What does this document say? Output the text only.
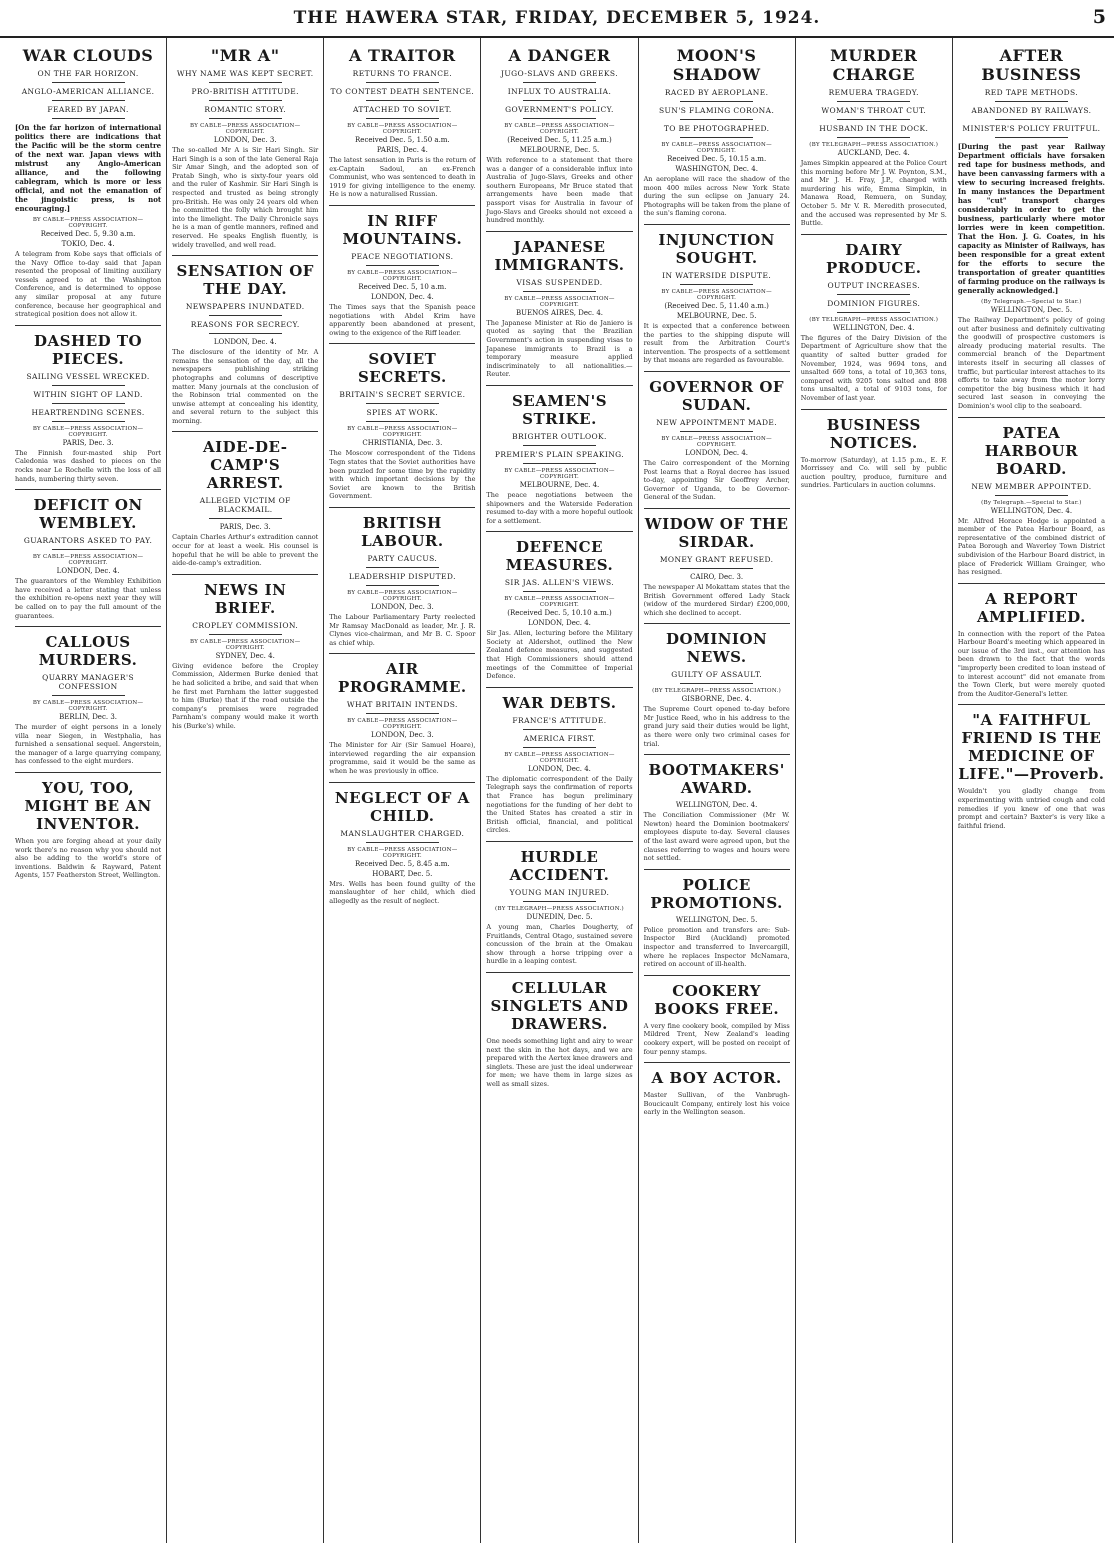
THE HAWERA STAR, FRIDAY, DECEMBER 5, 1924.	5
WAR CLOUDS
ON THE FAR HORIZON.
ANGLO-AMERICAN ALLIANCE.
FEARED BY JAPAN.
[On the far horizon of international politics there are indications that the Pacific will be the storm centre of the next war. Japan views with mistrust any Anglo-American alliance, and the following cablegram, which is more or less official, and not the emanation of the jingoistic press, is not encouraging.]
BY CABLE—PRESS ASSOCIATION—COPYRIGHT.
Received Dec. 5, 9.30 a.m.
TOKIO, Dec. 4.
A telegram from Kobe says that officials of the Navy Office to-day said that Japan resented the proposal of limiting auxiliary vessels agreed to at the Washington Conference, and is determined to oppose any similar proposal at any future conference, because her geographical and strategical position does not allow it.
DASHED TO PIECES.
SAILING VESSEL WRECKED.
WITHIN SIGHT OF LAND.
HEARTRENDING SCENES.
BY CABLE—PRESS ASSOCIATION—COPYRIGHT.
PARIS, Dec. 3.
The Finnish four-masted ship Port Caledonia was dashed to pieces on the rocks near Le Rochelle with the loss of all hands, numbering thirty seven.
DEFICIT ON WEMBLEY.
GUARANTORS ASKED TO PAY.
BY CABLE—PRESS ASSOCIATION—COPYRIGHT.
LONDON, Dec. 4.
The guarantors of the Wembley Exhibition have received a letter stating that unless the exhibition re-opens next year they will be called on to pay the full amount of the guarantees.
CALLOUS MURDERS.
QUARRY MANAGER'S CONFESSION
BY CABLE—PRESS ASSOCIATION—COPYRIGHT.
BERLIN, Dec. 3.
The murder of eight persons in a lonely villa near Siegen, in Westphalia, has furnished a sensational sequel. Angerstein, the manager of a large quarrying company, has confessed to the eight murders.
YOU, TOO, MIGHT BE AN INVENTOR.
When you are forging ahead at your daily work there's no reason why you should not also be adding to the world's store of inventions. Baldwin & Rayward, Patent Agents, 157 Featherston Street, Wellington.
"MR A"
WHY NAME WAS KEPT SECRET.
PRO-BRITISH ATTITUDE.
ROMANTIC STORY.
BY CABLE—PRESS ASSOCIATION—COPYRIGHT.
LONDON, Dec. 3.
The so-called Mr A is Sir Hari Singh. Sir Hari Singh is a son of the late General Raja Sir Amar Singh, and the adopted son of Pratab Singh, who is sixty-four years old and the ruler of Kashmir. Sir Hari Singh is respected and trusted as being strongly pro-British. He was only 24 years old when he committed the folly which brought him into the limelight. The Daily Chronicle says he is a man of gentle manners, refined and reserved. He speaks English fluently, is widely travelled, and well read.
SENSATION OF THE DAY.
NEWSPAPERS INUNDATED.
REASONS FOR SECRECY.
LONDON, Dec. 4.
The disclosure of the identity of Mr. A remains the sensation of the day, all the newspapers publishing striking photographs and columns of descriptive matter. Many journals at the conclusion of the Robinson trial commented on the unwise attempt at concealing his identity, and several return to the subject this morning.
AIDE-DE-CAMP'S ARREST.
ALLEGED VICTIM OF BLACKMAIL.
PARIS, Dec. 3.
Captain Charles Arthur's extradition cannot occur for at least a week. His counsel is hopeful that he will be able to prevent the aide-de-camp's extradition.
NEWS IN BRIEF.
CROPLEY COMMISSION.
BY CABLE—PRESS ASSOCIATION—COPYRIGHT.
SYDNEY, Dec. 4.
Giving evidence before the Cropley Commission, Aldermen Burke denied that he had solicited a bribe, and said that when he first met Parnham the latter suggested to him (Burke) that if the road outside the company's premises were regraded Parnham's company would make it worth his (Burke's) while.
A TRAITOR
RETURNS TO FRANCE.
TO CONTEST DEATH SENTENCE.
ATTACHED TO SOVIET.
BY CABLE—PRESS ASSOCIATION—COPYRIGHT.
Received Dec. 5, 1.50 a.m.
PARIS, Dec. 4.
The latest sensation in Paris is the return of ex-Captain Sadoul, an ex-French Communist, who was sentenced to death in 1919 for giving intelligence to the enemy. He is now a naturalised Russian.
IN RIFF MOUNTAINS.
PEACE NEGOTIATIONS.
BY CABLE—PRESS ASSOCIATION—COPYRIGHT.
Received Dec. 5, 10 a.m.
LONDON, Dec. 4.
The Times says that the Spanish peace negotiations with Abdel Krim have apparently been abandoned at present, owing to the exigence of the Riff leader.
SOVIET SECRETS.
BRITAIN'S SECRET SERVICE.
SPIES AT WORK.
BY CABLE—PRESS ASSOCIATION—COPYRIGHT.
CHRISTIANIA, Dec. 3.
The Moscow correspondent of the Tidens Tegn states that the Soviet authorities have been puzzled for some time by the rapidity with which important decisions by the Soviet are known to the British Government.
BRITISH LABOUR.
PARTY CAUCUS.
LEADERSHIP DISPUTED.
BY CABLE—PRESS ASSOCIATION—COPYRIGHT.
LONDON, Dec. 3.
The Labour Parliamentary Party reelected Mr Ramsay MacDonald as leader, Mr. J. R. Clynes vice-chairman, and Mr B. C. Spoor as chief whip.
AIR PROGRAMME.
WHAT BRITAIN INTENDS.
BY CABLE—PRESS ASSOCIATION—COPYRIGHT.
LONDON, Dec. 3.
The Minister for Air (Sir Samuel Hoare), interviewed regarding the air expansion programme, said it would be the same as when he was previously in office.
NEGLECT OF A CHILD.
MANSLAUGHTER CHARGED.
BY CABLE—PRESS ASSOCIATION—COPYRIGHT.
Received Dec. 5, 8.45 a.m.
HOBART, Dec. 5.
Mrs. Wells has been found guilty of the manslaughter of her child, which died allegedly as the result of neglect.
A DANGER
JUGO-SLAVS AND GREEKS.
INFLUX TO AUSTRALIA.
GOVERNMENT'S POLICY.
BY CABLE—PRESS ASSOCIATION—COPYRIGHT.
(Received Dec. 5, 11.25 a.m.)
MELBOURNE, Dec. 5.
With reference to a statement that there was a danger of a considerable influx into Australia of Jugo-Slavs, Greeks and other southern Europeans, Mr Bruce stated that arrangements have been made that passport visas for Australia in favour of Jugo-Slavs and Greeks should not exceed a hundred monthly.
JAPANESE IMMIGRANTS.
VISAS SUSPENDED.
BY CABLE—PRESS ASSOCIATION—COPYRIGHT.
BUENOS AIRES, Dec. 4.
The Japanese Minister at Rio de Janiero is quoted as saying that the Brazilian Government's action in suspending visas to Japanese immigrants to Brazil is a temporary measure applied indiscriminately to all nationalities.—Reuter.
SEAMEN'S STRIKE.
BRIGHTER OUTLOOK.
PREMIER'S PLAIN SPEAKING.
BY CABLE—PRESS ASSOCIATION—COPYRIGHT.
MELBOURNE, Dec. 4.
The peace negotiations between the shipowners and the Waterside Federation resumed to-day with a more hopeful outlook for a settlement.
DEFENCE MEASURES.
SIR JAS. ALLEN'S VIEWS.
BY CABLE—PRESS ASSOCIATION—COPYRIGHT.
(Received Dec. 5, 10.10 a.m.)
LONDON, Dec. 4.
Sir Jas. Allen, lecturing before the Military Society at Aldershot, outlined the New Zealand defence measures, and suggested that High Commissioners should attend meetings of the Committee of Imperial Defence.
WAR DEBTS.
FRANCE'S ATTITUDE.
AMERICA FIRST.
BY CABLE—PRESS ASSOCIATION—COPYRIGHT.
LONDON, Dec. 4.
The diplomatic correspondent of the Daily Telegraph says the confirmation of reports that France has begun preliminary negotiations for the funding of her debt to the United States has created a stir in British official, financial, and political circles.
HURDLE ACCIDENT.
YOUNG MAN INJURED.
(BY TELEGRAPH—PRESS ASSOCIATION.)
DUNEDIN, Dec. 5.
A young man, Charles Dougherty, of Fruitlands, Central Otago, sustained severe concussion of the brain at the Omakau show through a horse tripping over a hurdle in a leaping contest.
CELLULAR SINGLETS AND DRAWERS.
One needs something light and airy to wear next the skin in the hot days, and we are prepared with the Aertex knee drawers and singlets. These are just the ideal underwear for men; we have them in large sizes as well as small sizes.
MOON'S SHADOW
RACED BY AEROPLANE.
SUN'S FLAMING CORONA.
TO BE PHOTOGRAPHED.
BY CABLE—PRESS ASSOCIATION—COPYRIGHT.
Received Dec. 5, 10.15 a.m.
WASHINGTON, Dec. 4.
An aeroplane will race the shadow of the moon 400 miles across New York State during the sun eclipse on January 24. Photographs will be taken from the plane of the sun's flaming corona.
INJUNCTION SOUGHT.
IN WATERSIDE DISPUTE.
BY CABLE—PRESS ASSOCIATION—COPYRIGHT.
(Received Dec. 5, 11.40 a.m.)
MELBOURNE, Dec. 5.
It is expected that a conference between the parties to the shipping dispute will result from the Arbitration Court's intervention. The prospects of a settlement by that means are regarded as favourable.
GOVERNOR OF SUDAN.
NEW APPOINTMENT MADE.
BY CABLE—PRESS ASSOCIATION—COPYRIGHT.
LONDON, Dec. 4.
The Cairo correspondent of the Morning Post learns that a Royal decree has issued to-day, appointing Sir Geoffrey Archer, Governor of Uganda, to be Governor-General of the Sudan.
WIDOW OF THE SIRDAR.
MONEY GRANT REFUSED.
CAIRO, Dec. 3.
The newspaper Al Mokattam states that the British Government offered Lady Stack (widow of the murdered Sirdar) £200,000, which she declined to accept.
DOMINION NEWS.
GUILTY OF ASSAULT.
(BY TELEGRAPH—PRESS ASSOCIATION.)
GISBORNE, Dec. 4.
The Supreme Court opened to-day before Mr Justice Reed, who in his address to the grand jury said their duties would be light, as there were only two criminal cases for trial.
BOOTMAKERS' AWARD.
WELLINGTON, Dec. 4.
The Conciliation Commissioner (Mr W. Newton) heard the Dominion bootmakers' employees dispute to-day. Several clauses of the last award were agreed upon, but the clauses referring to wages and hours were not settled.
POLICE PROMOTIONS.
WELLINGTON, Dec. 5.
Police promotion and transfers are: Sub-Inspector Bird (Auckland) promoted inspector and transferred to Invercargill, where he replaces Inspector McNamara, retired on account of ill-health.
COOKERY BOOKS FREE.
A very fine cookery book, compiled by Miss Mildred Trent, New Zealand's leading cookery expert, will be posted on receipt of four penny stamps.
A BOY ACTOR.
Master Sullivan, of the Vanbrugh-Boucicault Company, entirely lost his voice early in the Wellington season.
MURDER CHARGE
REMUERA TRAGEDY.
WOMAN'S THROAT CUT.
HUSBAND IN THE DOCK.
(BY TELEGRAPH—PRESS ASSOCIATION.)
AUCKLAND, Dec. 4.
James Simpkin appeared at the Police Court this morning before Mr J. W. Poynton, S.M., and Mr J. H. Fray, J.P., charged with murdering his wife, Emma Simpkin, in Manawa Road, Remuera, on Sunday, October 5. Mr V. R. Meredith prosecuted, and the accused was represented by Mr S. Buttle.
DAIRY PRODUCE.
OUTPUT INCREASES.
DOMINION FIGURES.
(BY TELEGRAPH—PRESS ASSOCIATION.)
WELLINGTON, Dec. 4.
The figures of the Dairy Division of the Department of Agriculture show that the quantity of salted butter graded for November, 1924, was 9694 tons, and unsalted 669 tons, a total of 10,363 tons, compared with 9205 tons salted and 898 tons unsalted, a total of 9103 tons, for November of last year.
BUSINESS NOTICES.
To-morrow (Saturday), at 1.15 p.m., E. F. Morrissey and Co. will sell by public auction poultry, produce, furniture and sundries. Particulars in auction columns.
AFTER BUSINESS
RED TAPE METHODS.
ABANDONED BY RAILWAYS.
MINISTER'S POLICY FRUITFUL.
[During the past year Railway Department officials have forsaken red tape for business methods, and have been canvassing farmers with a view to securing increased freights. In many instances the Department has "cut" transport charges considerably in order to get the business, particularly where motor lorries were in keen competition. That the Hon. J. G. Coates, in his capacity as Minister of Railways, has been responsible for a great extent for the efforts to secure the transportation of greater quantities of farming produce on the railways is generally acknowledged.]
(By Telegraph.—Special to Star.)
WELLINGTON, Dec. 5.
The Railway Department's policy of going out after business and definitely cultivating the goodwill of prospective customers is already producing material results. The commercial branch of the Department interests itself in securing all classes of traffic, but particular interest attaches to its efforts to take away from the motor lorry competitor the big business which it had secured last season in conveying the Dominion's wool clip to the seaboard.
PATEA HARBOUR BOARD.
NEW MEMBER APPOINTED.
(By Telegraph.—Special to Star.)
WELLINGTON, Dec. 4.
Mr. Alfred Horace Hodge is appointed a member of the Patea Harbour Board, as representative of the combined district of Patea Borough and Waverley Town District subdivision of the Harbour Board district, in place of Frederick William Grainger, who has resigned.
A REPORT AMPLIFIED.
In connection with the report of the Patea Harbour Board's meeting which appeared in our issue of the 3rd inst., our attention has been drawn to the fact that the words "improperly been credited to loan instead of to interest account" did not emanate from the Town Clerk, but were merely quoted from the Auditor-General's letter.
"A FAITHFUL FRIEND IS THE MEDICINE OF LIFE."—Proverb.
Wouldn't you gladly change from experimenting with untried cough and cold remedies if you knew of one that was prompt and certain? Baxter's is very like a faithful friend.
